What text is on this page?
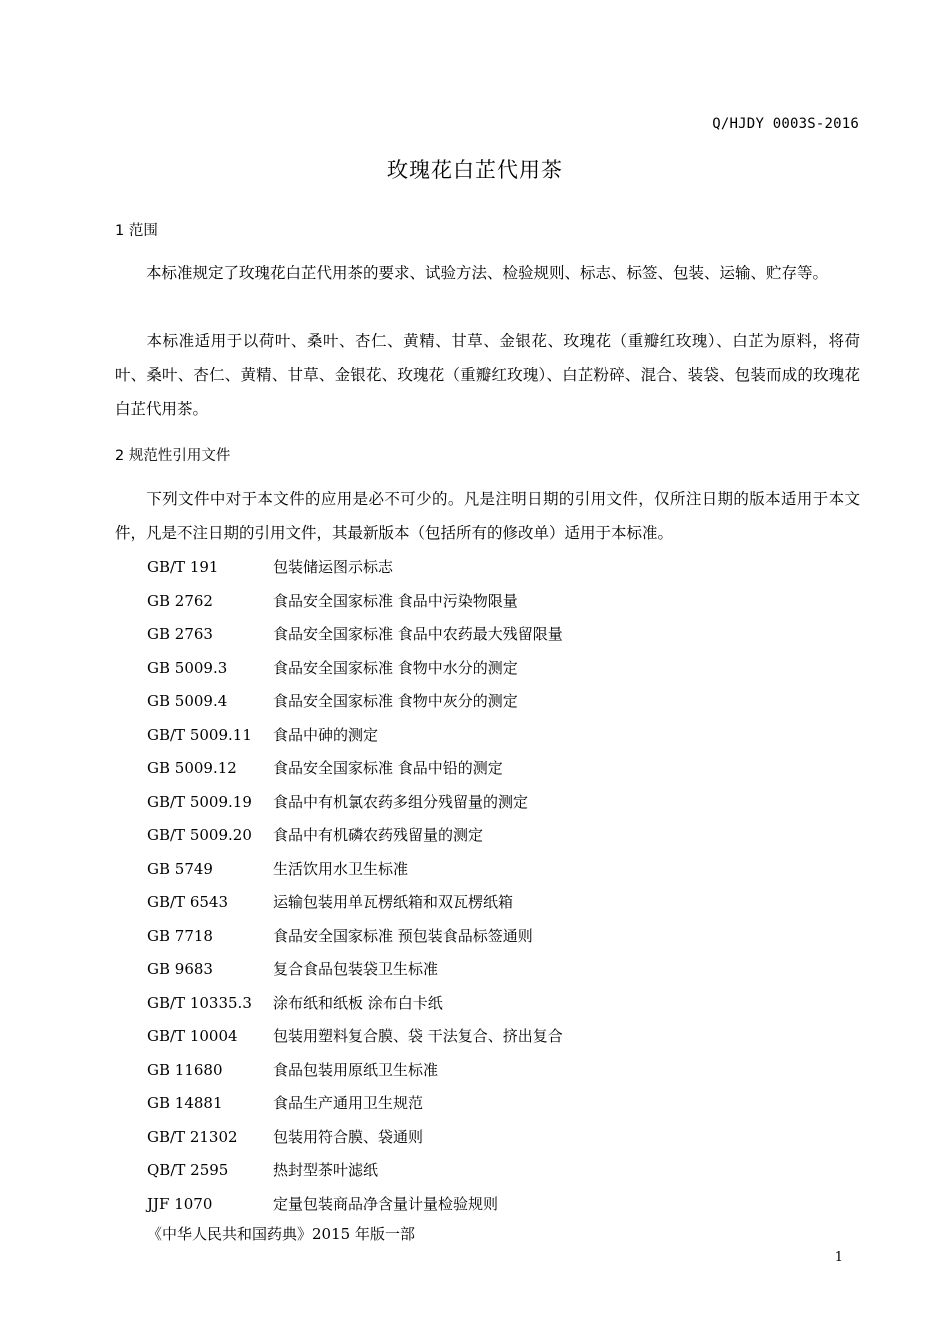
Q/HJDY 0003S-2016
玫瑰花白芷代用茶
1 范围
本标准规定了玫瑰花白芷代用茶的要求、试验方法、检验规则、标志、标签、包装、运输、贮存等。
本标准适用于以荷叶、桑叶、杏仁、黄精、甘草、金银花、玫瑰花（重瓣红玫瑰）、白芷为原料，将荷叶、桑叶、杏仁、黄精、甘草、金银花、玫瑰花（重瓣红玫瑰）、白芷粉碎、混合、装袋、包装而成的玫瑰花白芷代用茶。
2 规范性引用文件
下列文件中对于本文件的应用是必不可少的。凡是注明日期的引用文件，仅所注日期的版本适用于本文件，凡是不注日期的引用文件，其最新版本（包括所有的修改单）适用于本标准。
GB/T 191	包装储运图示标志
GB 2762	食品安全国家标准 食品中污染物限量
GB 2763	食品安全国家标准 食品中农药最大残留限量
GB 5009.3	食品安全国家标准 食物中水分的测定
GB 5009.4	食品安全国家标准 食物中灰分的测定
GB/T 5009.11 食品中砷的测定
GB 5009.12 食品安全国家标准 食品中铅的测定
GB/T 5009.19 食品中有机氯农药多组分残留量的测定
GB/T 5009.20 食品中有机磷农药残留量的测定
GB 5749	生活饮用水卫生标准
GB/T 6543	运输包装用单瓦楞纸箱和双瓦楞纸箱
GB 7718	食品安全国家标准 预包装食品标签通则
GB 9683	复合食品包装袋卫生标准
GB/T 10335.3 涂布纸和纸板 涂布白卡纸
GB/T 10004 包装用塑料复合膜、袋 干法复合、挤出复合
GB 11680	食品包装用原纸卫生标准
GB 14881	食品生产通用卫生规范
GB/T 21302 包装用符合膜、袋通则
QB/T 2595	热封型茶叶滤纸
JJF 1070	定量包装商品净含量计量检验规则
《中华人民共和国药典》2015 年版一部
1
